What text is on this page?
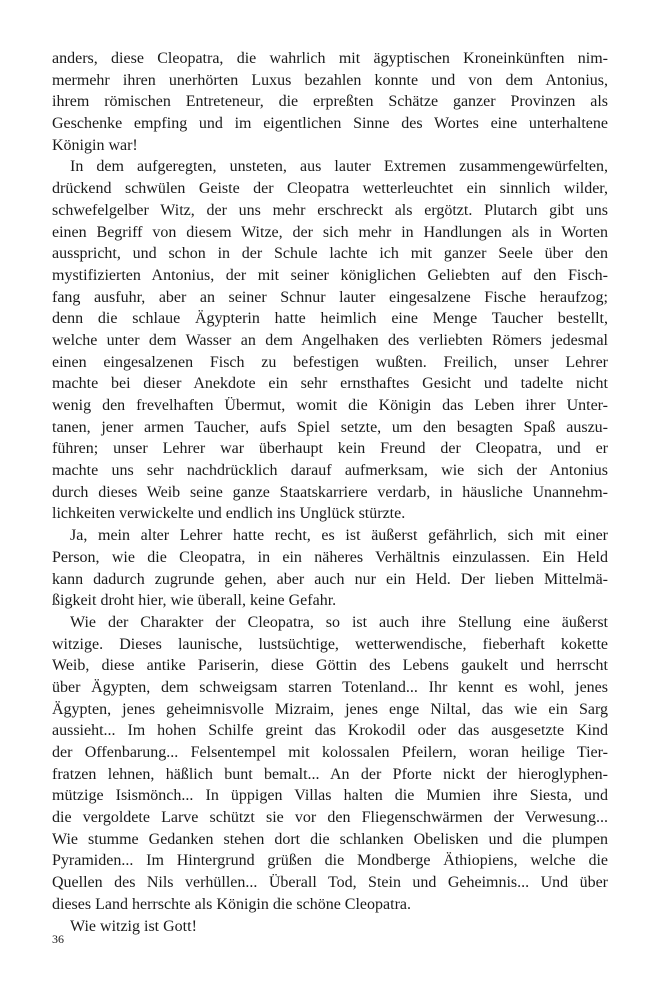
anders, diese Cleopatra, die wahrlich mit ägyptischen Kroneinkünften nim-
mermehr ihren unerhörten Luxus bezahlen konnte und von dem Antonius,
ihrem römischen Entreteneur, die erpreßten Schätze ganzer Provinzen als
Geschenke empfing und im eigentlichen Sinne des Wortes eine unterhaltene
Königin war!
In dem aufgeregten, unsteten, aus lauter Extremen zusammengewürfelten,
drückend schwülen Geiste der Cleopatra wetterleuchtet ein sinnlich wilder,
schwefelgelber Witz, der uns mehr erschreckt als ergötzt. Plutarch gibt uns
einen Begriff von diesem Witze, der sich mehr in Handlungen als in Worten
ausspricht, und schon in der Schule lachte ich mit ganzer Seele über den
mystifizierten Antonius, der mit seiner königlichen Geliebten auf den Fisch-
fang ausfuhr, aber an seiner Schnur lauter eingesalzene Fische heraufzog;
denn die schlaue Ägypterin hatte heimlich eine Menge Taucher bestellt,
welche unter dem Wasser an dem Angelhaken des verliebten Römers jedesmal
einen eingesalzenen Fisch zu befestigen wußten. Freilich, unser Lehrer
machte bei dieser Anekdote ein sehr ernsthaftes Gesicht und tadelte nicht
wenig den frevelhaften Übermut, womit die Königin das Leben ihrer Unter-
tanen, jener armen Taucher, aufs Spiel setzte, um den besagten Spaß auszu-
führen; unser Lehrer war überhaupt kein Freund der Cleopatra, und er
machte uns sehr nachdrücklich darauf aufmerksam, wie sich der Antonius
durch dieses Weib seine ganze Staatskarriere verdarb, in häusliche Unannehm-
lichkeiten verwickelte und endlich ins Unglück stürzte.
Ja, mein alter Lehrer hatte recht, es ist äußerst gefährlich, sich mit einer
Person, wie die Cleopatra, in ein näheres Verhältnis einzulassen. Ein Held
kann dadurch zugrunde gehen, aber auch nur ein Held. Der lieben Mittelmä-
ßigkeit droht hier, wie überall, keine Gefahr.
Wie der Charakter der Cleopatra, so ist auch ihre Stellung eine äußerst
witzige. Dieses launische, lustsüchtige, wetterwendische, fieberhaft kokette
Weib, diese antike Pariserin, diese Göttin des Lebens gaukelt und herrscht
über Ägypten, dem schweigsam starren Totenland... Ihr kennt es wohl, jenes
Ägypten, jenes geheimnisvolle Mizraim, jenes enge Niltal, das wie ein Sarg
aussieht... Im hohen Schilfe greint das Krokodil oder das ausgesetzte Kind
der Offenbarung... Felsentempel mit kolossalen Pfeilern, woran heilige Tier-
fratzen lehnen, häßlich bunt bemalt... An der Pforte nickt der hieroglyphen-
mützige Isismönch... In üppigen Villas halten die Mumien ihre Siesta, und
die vergoldete Larve schützt sie vor den Fliegenschwärmen der Verwesung...
Wie stumme Gedanken stehen dort die schlanken Obelisken und die plumpen
Pyramiden... Im Hintergrund grüßen die Mondberge Äthiopiens, welche die
Quellen des Nils verhüllen... Überall Tod, Stein und Geheimnis... Und über
dieses Land herrschte als Königin die schöne Cleopatra.
Wie witzig ist Gott!
36
